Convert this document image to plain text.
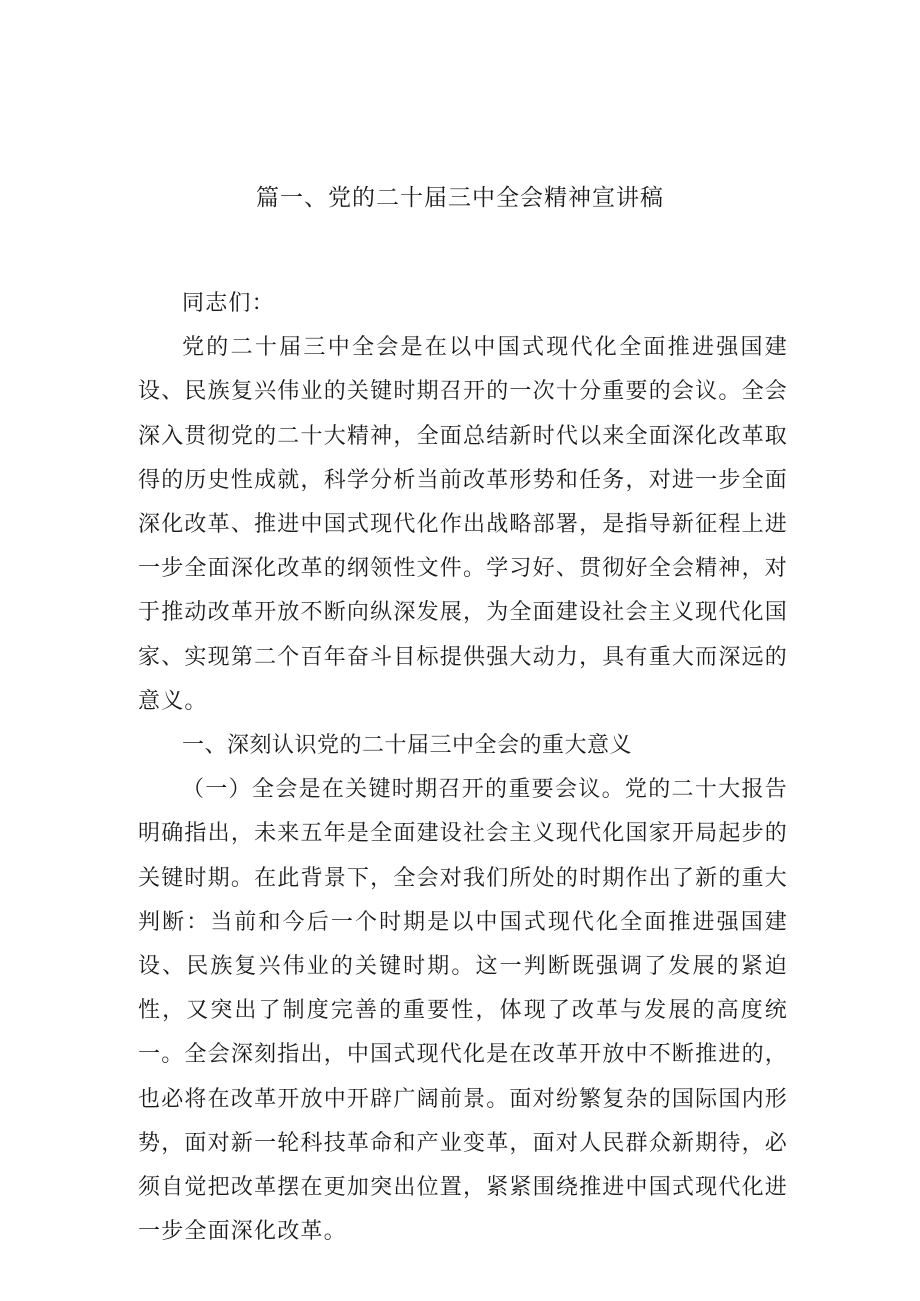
篇一、党的二十届三中全会精神宣讲稿

同志们：

党的二十届三中全会是在以中国式现代化全面推进强国建设、民族复兴伟业的关键时期召开的一次十分重要的会议。全会深入贯彻党的二十大精神，全面总结新时代以来全面深化改革取得的历史性成就，科学分析当前改革形势和任务，对进一步全面深化改革、推进中国式现代化作出战略部署，是指导新征程上进一步全面深化改革的纲领性文件。学习好、贯彻好全会精神，对于推动改革开放不断向纵深发展，为全面建设社会主义现代化国家、实现第二个百年奋斗目标提供强大动力，具有重大而深远的意义。

一、深刻认识党的二十届三中全会的重大意义

（一）全会是在关键时期召开的重要会议。党的二十大报告明确指出，未来五年是全面建设社会主义现代化国家开局起步的关键时期。在此背景下，全会对我们所处的时期作出了新的重大判断：当前和今后一个时期是以中国式现代化全面推进强国建设、民族复兴伟业的关键时期。这一判断既强调了发展的紧迫性，又突出了制度完善的重要性，体现了改革与发展的高度统一。全会深刻指出，中国式现代化是在改革开放中不断推进的，也必将在改革开放中开辟广阔前景。面对纷繁复杂的国际国内形势，面对新一轮科技革命和产业变革，面对人民群众新期待，必须自觉把改革摆在更加突出位置，紧紧围绕推进中国式现代化进一步全面深化改革。
